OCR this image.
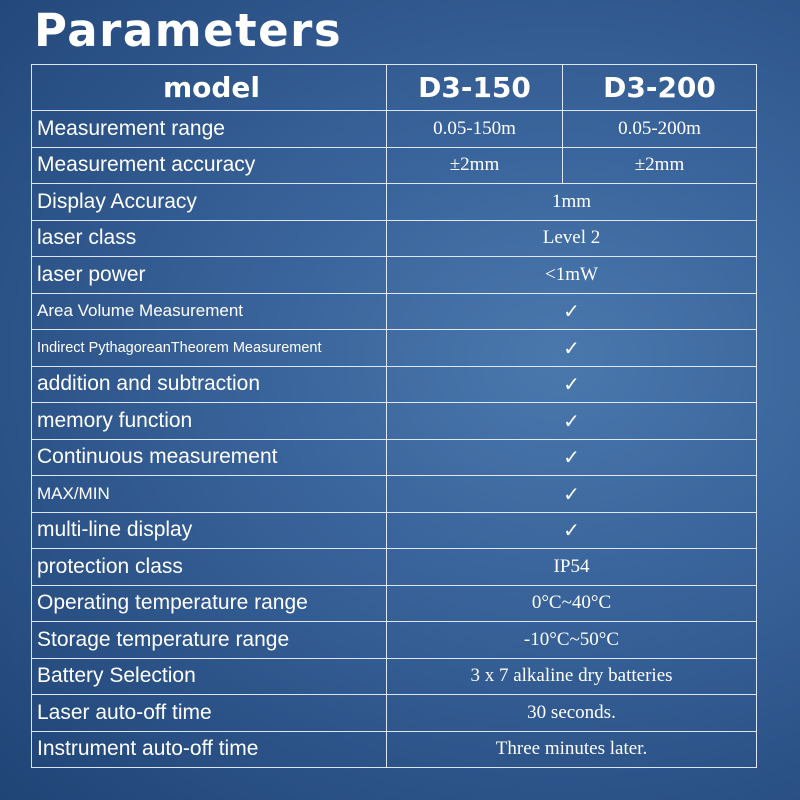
Parameters
model	D3-150	D3-200
Measurement range	0.05-150m	0.05-200m
Measurement accuracy	±2mm	±2mm
Display Accuracy	1mm	
laser class	Level 2	
laser power	<1mW	
Area Volume Measurement	✓	
Indirect PythagoreanTheorem Measurement	✓	
addition and subtraction	✓	
memory function	✓	
Continuous measurement	✓	
MAX/MIN	✓	
multi-line display	✓	
protection class	IP54	
Operating temperature range	0°C~40°C	
Storage temperature range	-10°C~50°C	
Battery Selection	3 x 7 alkaline dry batteries	
Laser auto-off time	30 seconds.	
Instrument auto-off time	Three minutes later.	
